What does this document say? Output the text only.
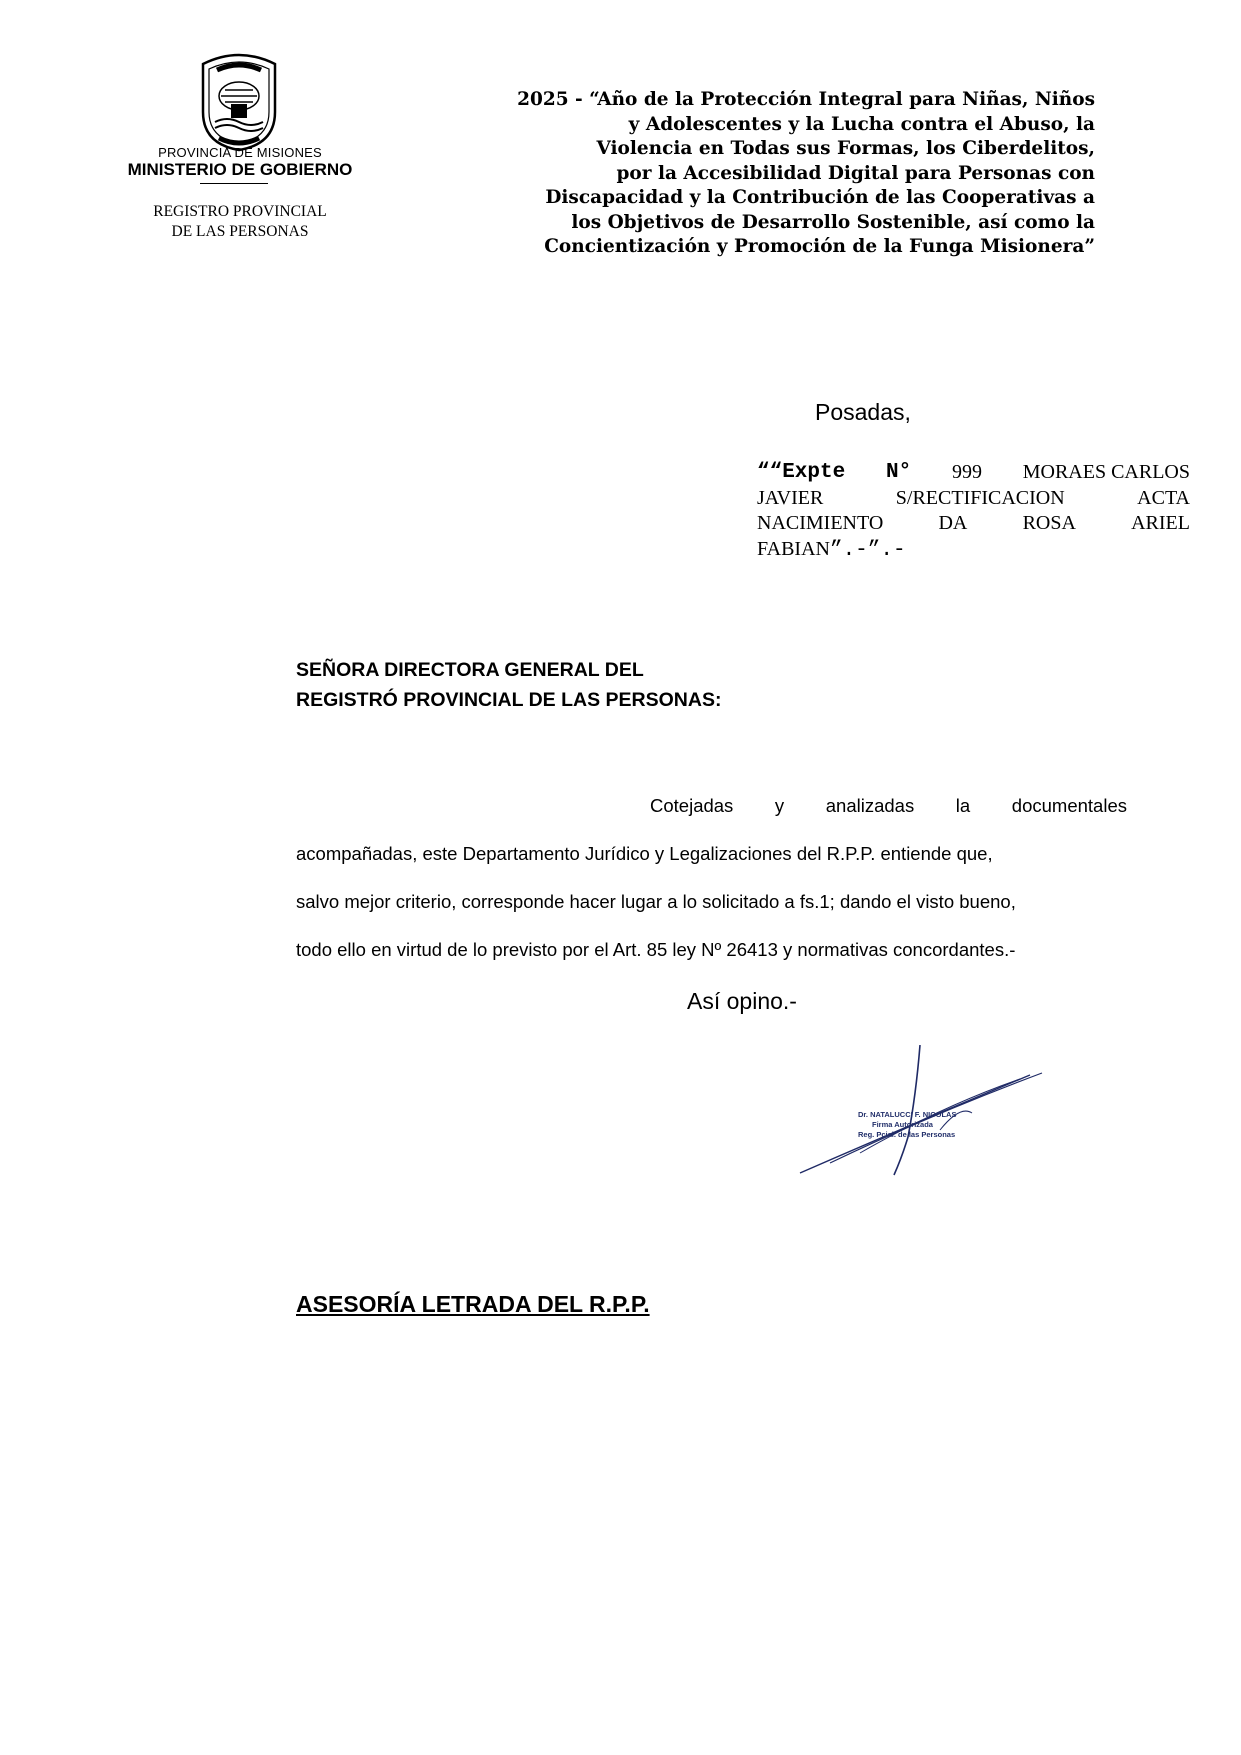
PROVINCIA DE MISIONES
MINISTERIO DE GOBIERNO
REGISTRO PROVINCIAL
DE LAS PERSONAS
2025 - “Año de la Protección Integral para Niñas, Niños
y Adolescentes y la Lucha contra el Abuso, la
Violencia en Todas sus Formas, los Ciberdelitos,
por la Accesibilidad Digital para Personas con
Discapacidad y la Contribución de las Cooperativas a
los Objetivos de Desarrollo Sostenible, así como la
Concientización y Promoción de la Funga Misionera”
Posadas,
““Expte N° 999 MORAES CARLOS
JAVIER	S/RECTIFICACION	ACTA
NACIMIENTO	DA	ROSA	ARIEL
FABIAN”.-”.-
SEÑORA DIRECTORA GENERAL DEL
REGISTRÓ PROVINCIAL DE LAS PERSONAS:
Cotejadas y analizadas la documentales
acompañadas, este Departamento Jurídico y Legalizaciones del R.P.P. entiende que,
salvo mejor criterio, corresponde hacer lugar a lo solicitado a fs.1; dando el visto bueno,
todo ello en virtud de lo previsto por el Art. 85 ley Nº 26413 y normativas concordantes.-
Así opino.-
Dr. NATALUCCI F. NICOLAS
Firma Autorizada
Reg. Pcial. de las Personas
ASESORÍA LETRADA DEL R.P.P.
